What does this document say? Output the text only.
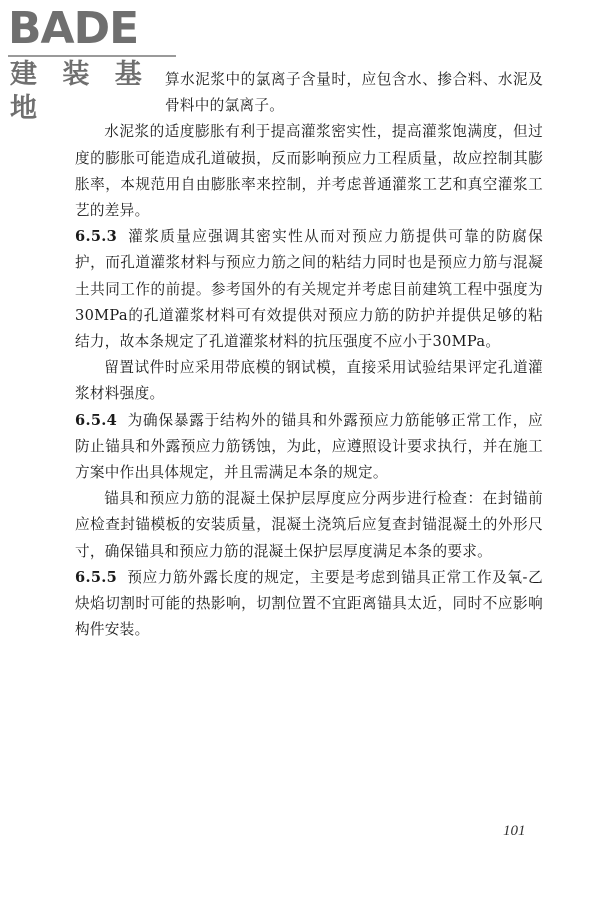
BADE
建 装 基 地

算水泥浆中的氯离子含量时，应包含水、掺合料、水泥及骨料中的氯离子。

水泥浆的适度膨胀有利于提高灌浆密实性，提高灌浆饱满度，但过度的膨胀可能造成孔道破损，反而影响预应力工程质量，故应控制其膨胀率，本规范用自由膨胀率来控制，并考虑普通灌浆工艺和真空灌浆工艺的差异。

6.5.3 灌浆质量应强调其密实性从而对预应力筋提供可靠的防腐保护，而孔道灌浆材料与预应力筋之间的粘结力同时也是预应力筋与混凝土共同工作的前提。参考国外的有关规定并考虑目前建筑工程中强度为30MPa的孔道灌浆材料可有效提供对预应力筋的防护并提供足够的粘结力，故本条规定了孔道灌浆材料的抗压强度不应小于30MPa。

留置试件时应采用带底模的钢试模，直接采用试验结果评定孔道灌浆材料强度。

6.5.4 为确保暴露于结构外的锚具和外露预应力筋能够正常工作，应防止锚具和外露预应力筋锈蚀，为此，应遵照设计要求执行，并在施工方案中作出具体规定，并且需满足本条的规定。

锚具和预应力筋的混凝土保护层厚度应分两步进行检查：在封锚前应检查封锚模板的安装质量，混凝土浇筑后应复查封锚混凝土的外形尺寸，确保锚具和预应力筋的混凝土保护层厚度满足本条的要求。

6.5.5 预应力筋外露长度的规定，主要是考虑到锚具正常工作及氧-乙炔焰切割时可能的热影响，切割位置不宜距离锚具太近，同时不应影响构件安装。

101
